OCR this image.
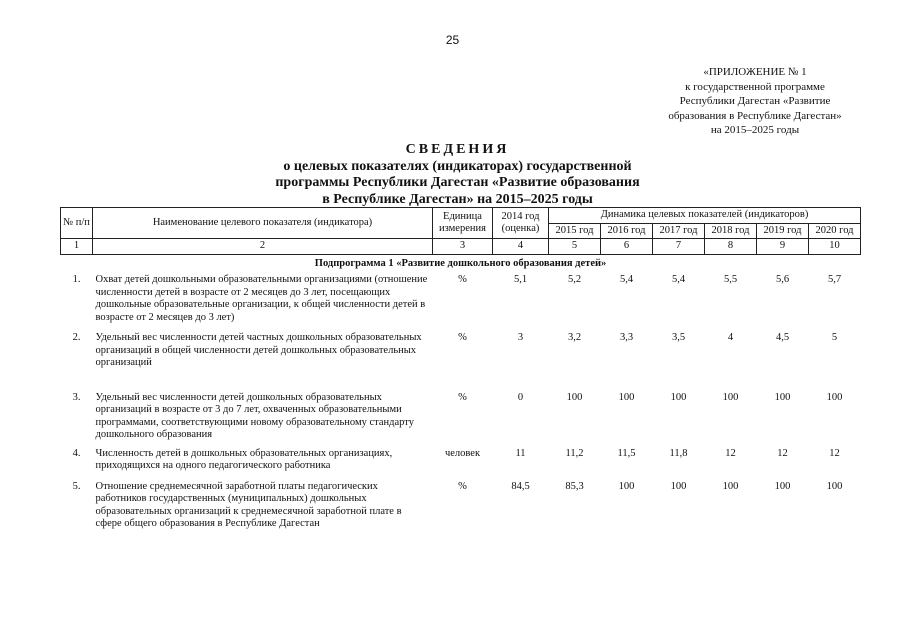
25
«ПРИЛОЖЕНИЕ № 1
к государственной программе
Республики Дагестан «Развитие
образования в Республике Дагестан»
на 2015–2025 годы
СВЕДЕНИЯ
о целевых показателях (индикаторах) государственной
программы Республики Дагестан «Развитие образования
в Республике Дагестан» на 2015–2025 годы
№ п/п	Наименование целевого показателя (индикатора)	Единица измерения	2014 год (оценка)	Динамика целевых показателей (индикаторов)					
				2015 год	2016 год	2017 год	2018 год	2019 год	2020 год
1	2	3	4	5	6	7	8	9	10
Подпрограмма 1 «Развитие дошкольного образования детей»									
1.	Охват детей дошкольными образовательными организациями (отношение численности детей в возрасте от 2 месяцев до 3 лет, посещающих дошкольные образовательные организации, к общей численности детей в возрасте от 2 месяцев до 3 лет)	%	5,1	5,2	5,4	5,4	5,5	5,6	5,7
2.	Удельный вес численности детей частных дошкольных образовательных организаций в общей численности детей дошкольных образовательных организаций	%	3	3,2	3,3	3,5	4	4,5	5
3.	Удельный вес численности детей дошкольных образовательных организаций в возрасте от 3 до 7 лет, охваченных образовательными программами, соответствующими новому образовательному стандарту дошкольного образования	%	0	100	100	100	100	100	100
4.	Численность детей в дошкольных образовательных организациях, приходящихся на одного педагогического работника	человек	11	11,2	11,5	11,8	12	12	12
5.	Отношение среднемесячной заработной платы педагогических работников государственных (муниципальных) дошкольных образовательных организаций к среднемесячной заработной плате в сфере общего образования в Республике Дагестан	%	84,5	85,3	100	100	100	100	100
